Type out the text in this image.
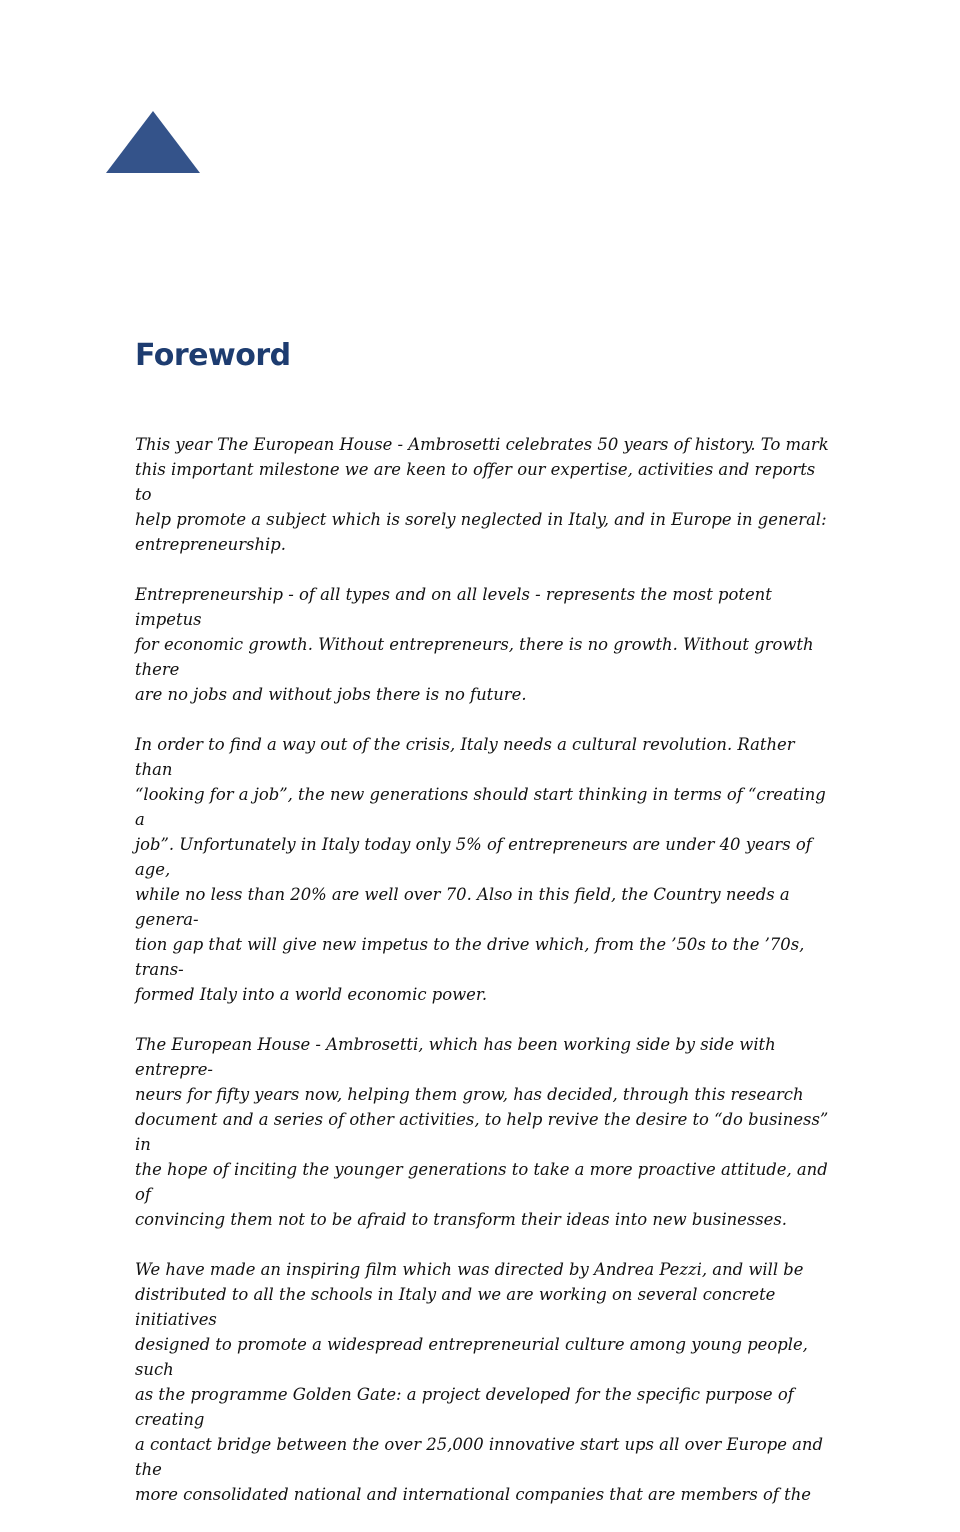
Foreword

This year The European House - Ambrosetti celebrates 50 years of history. To mark
this important milestone we are keen to offer our expertise, activities and reports to
help promote a subject which is sorely neglected in Italy, and in Europe in general:
entrepreneurship.

Entrepreneurship - of all types and on all levels - represents the most potent impetus
for economic growth. Without entrepreneurs, there is no growth. Without growth there
are no jobs and without jobs there is no future.

In order to find a way out of the crisis, Italy needs a cultural revolution. Rather than
“looking for a job”, the new generations should start thinking in terms of “creating a
job”. Unfortunately in Italy today only 5% of entrepreneurs are under 40 years of age,
while no less than 20% are well over 70. Also in this field, the Country needs a genera-
tion gap that will give new impetus to the drive which, from the ’50s to the ’70s, trans-
formed Italy into a world economic power.

The European House - Ambrosetti, which has been working side by side with entrepre-
neurs for fifty years now, helping them grow, has decided, through this research
document and a series of other activities, to help revive the desire to “do business” in
the hope of inciting the younger generations to take a more proactive attitude, and of
convincing them not to be afraid to transform their ideas into new businesses.

We have made an inspiring film which was directed by Andrea Pezzi, and will be
distributed to all the schools in Italy and we are working on several concrete initiatives
designed to promote a widespread entrepreneurial culture among young people, such
as the programme Golden Gate: a project developed for the specific purpose of creating
a contact bridge between the over 25,000 innovative start ups all over Europe and the
more consolidated national and international companies that are members of the
